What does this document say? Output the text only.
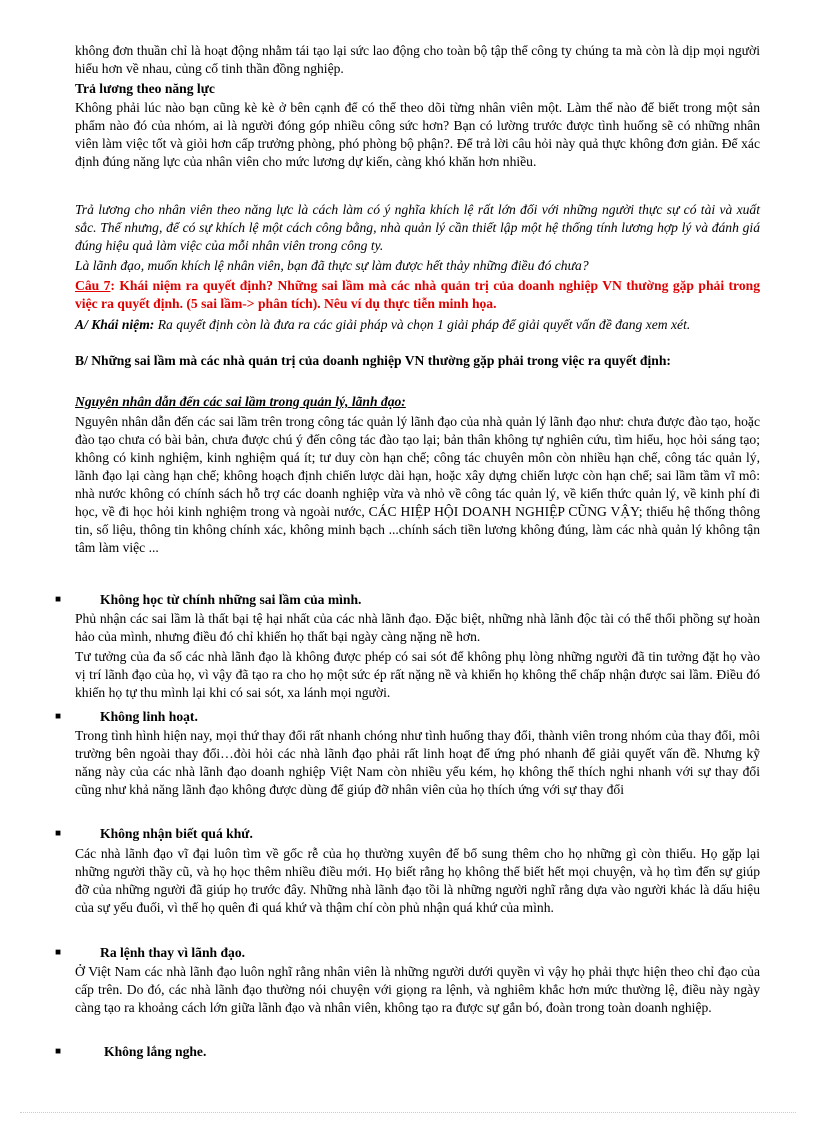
không đơn thuần chỉ là hoạt động nhằm tái tạo lại sức lao động cho toàn bộ tập thể công ty chúng ta mà còn là dịp mọi người hiểu hơn về nhau, củng cố tinh thần đồng nghiệp.

Trả lương theo năng lực

Không phải lúc nào bạn cũng kè kè ở bên cạnh để có thể theo dõi từng nhân viên một. Làm thế nào để biết trong một sản phẩm nào đó của nhóm, ai là người đóng góp nhiều công sức hơn? Bạn có lường trước được tình huống sẽ có những nhân viên làm việc tốt và giỏi hơn cấp trưởng phòng, phó phòng bộ phận?. Để trả lời câu hỏi này quả thực không đơn giản. Để xác định đúng năng lực của nhân viên cho mức lương dự kiến, càng khó khăn hơn nhiều.

Trả lương cho nhân viên theo năng lực là cách làm có ý nghĩa khích lệ rất lớn đối với những người thực sự có tài và xuất sắc. Thế nhưng, để có sự khích lệ một cách công bằng, nhà quản lý cần thiết lập một hệ thống tính lương hợp lý và đánh giá đúng hiệu quả làm việc của mỗi nhân viên trong công ty.

Là lãnh đạo, muốn khích lệ nhân viên, bạn đã thực sự làm được hết thảy những điều đó chưa?

Câu 7: Khái niệm ra quyết định? Những sai lầm mà các nhà quản trị của doanh nghiệp VN thường gặp phải trong việc ra quyết định. (5 sai lầm-> phân tích). Nêu ví dụ thực tiễn minh họa.

A/ Khái niệm: Ra quyết định còn là đưa ra các giải pháp và chọn 1 giải pháp để giải quyết vấn đề đang xem xét.

B/ Những sai lầm mà các nhà quản trị của doanh nghiệp VN thường gặp phải trong việc ra quyết định:

Nguyên nhân dẫn đến các sai lầm trong quản lý, lãnh đạo:

Nguyên nhân dẫn đến các sai lầm trên trong công tác quản lý lãnh đạo của nhà quản lý lãnh đạo như: chưa được đào tạo, hoặc đào tạo chưa có bài bản, chưa được chú ý đến công tác đào tạo lại; bản thân không tự nghiên cứu, tìm hiểu, học hỏi sáng tạo; không có kinh nghiệm, kinh nghiệm quá ít; tư duy còn hạn chế; công tác chuyên môn còn nhiều hạn chế, công tác quản lý, lãnh đạo lại càng hạn chế; không hoạch định chiến lược dài hạn, hoặc xây dựng chiến lược còn hạn chế; sai lầm tầm vĩ mô: nhà nước không có chính sách hỗ trợ các doanh nghiệp vừa và nhỏ về công tác quản lý, về kiến thức quản lý, về kinh phí đi học, về đi học hỏi kinh nghiệm trong và ngoài nước, CÁC HIỆP HỘI DOANH NGHIỆP CŨNG VẬY; thiếu hệ thống thông tin, số liệu, thông tin không chính xác, không minh bạch ...chính sách tiền lương không đúng, làm các nhà quản lý không tận tâm làm việc ...

■	Không học từ chính những sai lầm của mình.

Phủ nhận các sai lầm là thất bại tệ hại nhất của các nhà lãnh đạo. Đặc biệt, những nhà lãnh độc tài có thể thổi phồng sự hoàn hảo của mình, nhưng điều đó chỉ khiến họ thất bại ngày càng nặng nề hơn.

Tư tưởng của đa số các nhà lãnh đạo là không được phép có sai sót để không phụ lòng những người đã tin tưởng đặt họ vào vị trí lãnh đạo của họ, vì vậy đã tạo ra cho họ một sức ép rất nặng nề và khiến họ không thể chấp nhận được sai lầm. Điều đó khiến họ tự thu mình lại khi có sai sót, xa lánh mọi người.

■	Không linh hoạt.

Trong tình hình hiện nay, mọi thứ thay đổi rất nhanh chóng như tình huống thay đổi, thành viên trong nhóm của thay đổi, môi trường bên ngoài thay đổi…đòi hỏi các nhà lãnh đạo phải rất linh hoạt để ứng phó nhanh để giải quyết vấn đề. Nhưng kỹ năng này của các nhà lãnh đạo doanh nghiệp Việt Nam còn nhiều yếu kém, họ không thể thích nghi nhanh với sự thay đổi cũng như khả năng lãnh đạo không được dùng để giúp đỡ nhân viên của họ thích ứng với sự thay đổi

■	Không nhận biết quá khứ.

Các nhà lãnh đạo vĩ đại luôn tìm về gốc rễ của họ thường xuyên để bổ sung thêm cho họ những gì còn thiếu. Họ gặp lại những người thầy cũ, và họ học thêm nhiều điều mới. Họ biết rằng họ không thể biết hết mọi chuyện, và họ tìm đến sự giúp đỡ của những người đã giúp họ trước đây. Những nhà lãnh đạo tồi là những người nghĩ rằng dựa vào người khác là dấu hiệu của sự yếu đuối, vì thế họ quên đi quá khứ và thậm chí còn phủ nhận quá khứ của mình.

■	Ra lệnh thay vì lãnh đạo.

Ở Việt Nam các nhà lãnh đạo luôn nghĩ rằng nhân viên là những người dưới quyền vì vậy họ phải thực hiện theo chỉ đạo của cấp trên. Do đó, các nhà lãnh đạo thường nói chuyện với giọng ra lệnh, và nghiêm khắc hơn mức thường lệ, điều này ngày càng tạo ra khoảng cách lớn giữa lãnh đạo và nhân viên, không tạo ra được sự gắn bó, đoàn trong toàn doanh nghiệp.

■	Không lắng nghe.
